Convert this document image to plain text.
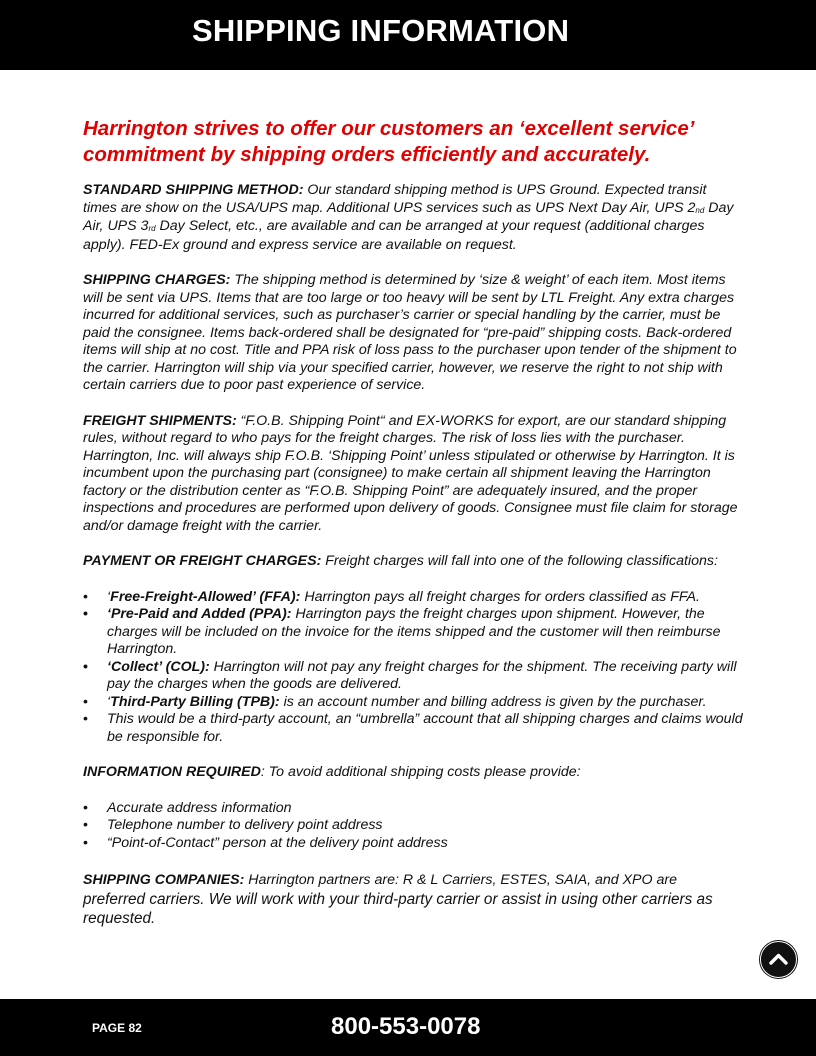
SHIPPING INFORMATION

Harrington strives to offer our customers an ‘excellent service’ commitment by shipping orders efficiently and accurately.

STANDARD SHIPPING METHOD: Our standard shipping method is UPS Ground. Expected transit times are show on the USA/UPS map. Additional UPS services such as UPS Next Day Air, UPS $2_{nd}$ Day Air, UPS $3_{rd}$ Day Select, etc., are available and can be arranged at your request (additional charges apply). FED-Ex ground and express service are available on request.

SHIPPING CHARGES: The shipping method is determined by ‘size & weight’ of each item. Most items will be sent via UPS. Items that are too large or too heavy will be sent by LTL Freight. Any extra charges incurred for additional services, such as purchaser’s carrier or special handling by the carrier, must be paid the consignee. Items back-ordered shall be designated for “pre-paid” shipping costs. Back-ordered items will ship at no cost. Title and PPA risk of loss pass to the purchaser upon tender of the shipment to the carrier. Harrington will ship via your specified carrier, however, we reserve the right to not ship with certain carriers due to poor past experience of service.

FREIGHT SHIPMENTS: “F.O.B. Shipping Point“ and EX-WORKS for export, are our standard shipping rules, without regard to who pays for the freight charges. The risk of loss lies with the purchaser. Harrington, Inc. will always ship F.O.B. ‘Shipping Point’ unless stipulated or otherwise by Harrington. It is incumbent upon the purchasing part (consignee) to make certain all shipment leaving the Harrington factory or the distribution center as “F.O.B. Shipping Point” are adequately insured, and the proper inspections and procedures are performed upon delivery of goods. Consignee must file claim for storage and/or damage freight with the carrier.

PAYMENT OR FREIGHT CHARGES: Freight charges will fall into one of the following classifications:

• ‘Free-Freight-Allowed’ (FFA): Harrington pays all freight charges for orders classified as FFA.
• ‘Pre-Paid and Added (PPA): Harrington pays the freight charges upon shipment. However, the charges will be included on the invoice for the items shipped and the customer will then reimburse Harrington.
• ‘Collect’ (COL): Harrington will not pay any freight charges for the shipment. The receiving party will pay the charges when the goods are delivered.
• ‘Third-Party Billing (TPB): is an account number and billing address is given by the purchaser.
• This would be a third-party account, an “umbrella” account that all shipping charges and claims would be responsible for.

INFORMATION REQUIRED: To avoid additional shipping costs please provide:

• Accurate address information
• Telephone number to delivery point address
• “Point-of-Contact” person at the delivery point address

SHIPPING COMPANIES: Harrington partners are: R & L Carriers, ESTES, SAIA, and XPO are
preferred carriers. We will work with your third-party carrier or assist in using other carriers as requested.

PAGE 82	800-553-0078
